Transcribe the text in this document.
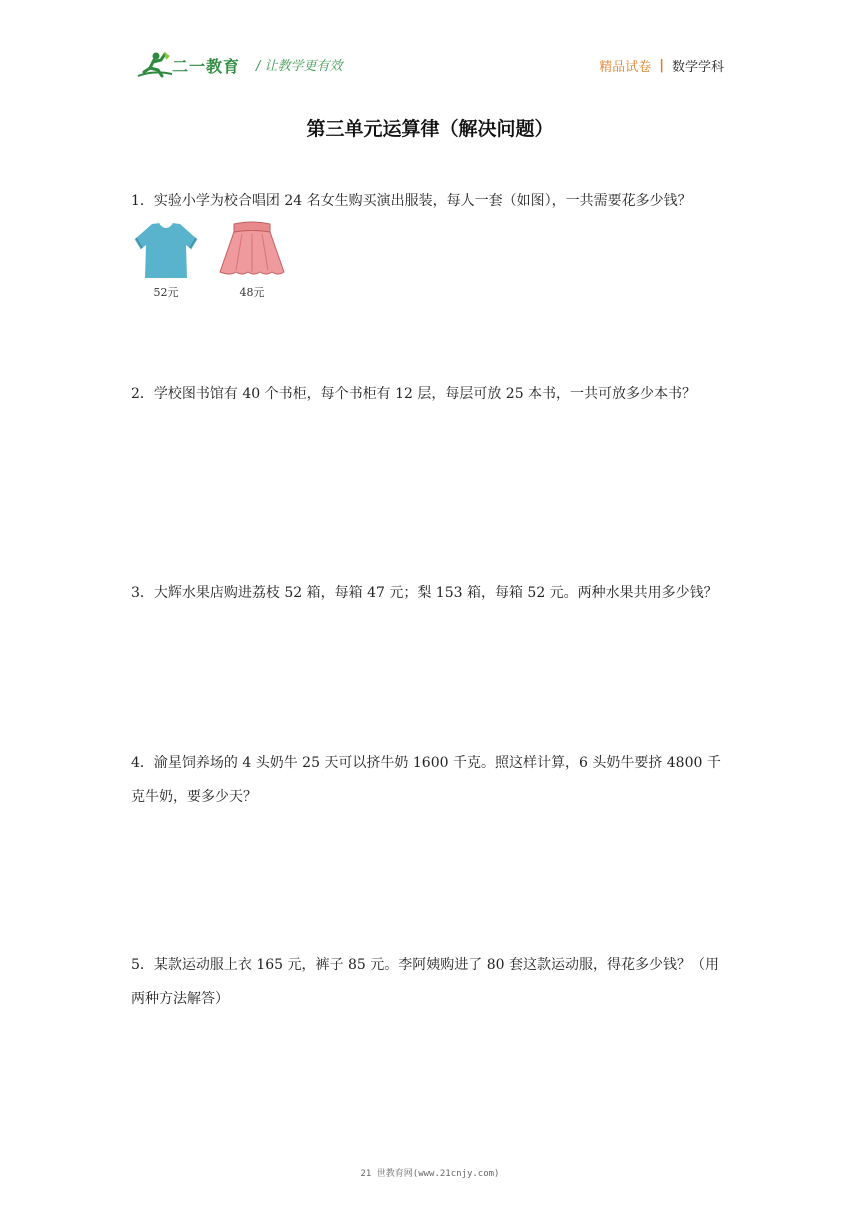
二一教育 / 让教学更有效	精品试卷 | 数学学科
第三单元运算律（解决问题）
1．实验小学为校合唱团 24 名女生购买演出服装，每人一套（如图），一共需要花多少钱？
52元	48元
2．学校图书馆有 40 个书柜，每个书柜有 12 层，每层可放 25 本书，一共可放多少本书？
3．大辉水果店购进荔枝 52 箱，每箱 47 元；梨 153 箱，每箱 52 元。两种水果共用多少钱？
4．渝星饲养场的 4 头奶牛 25 天可以挤牛奶 1600 千克。照这样计算，6 头奶牛要挤 4800 千克牛奶，要多少天？
5．某款运动服上衣 165 元，裤子 85 元。李阿姨购进了 80 套这款运动服，得花多少钱？（用两种方法解答）
21 世教育网(www.21cnjy.com)
